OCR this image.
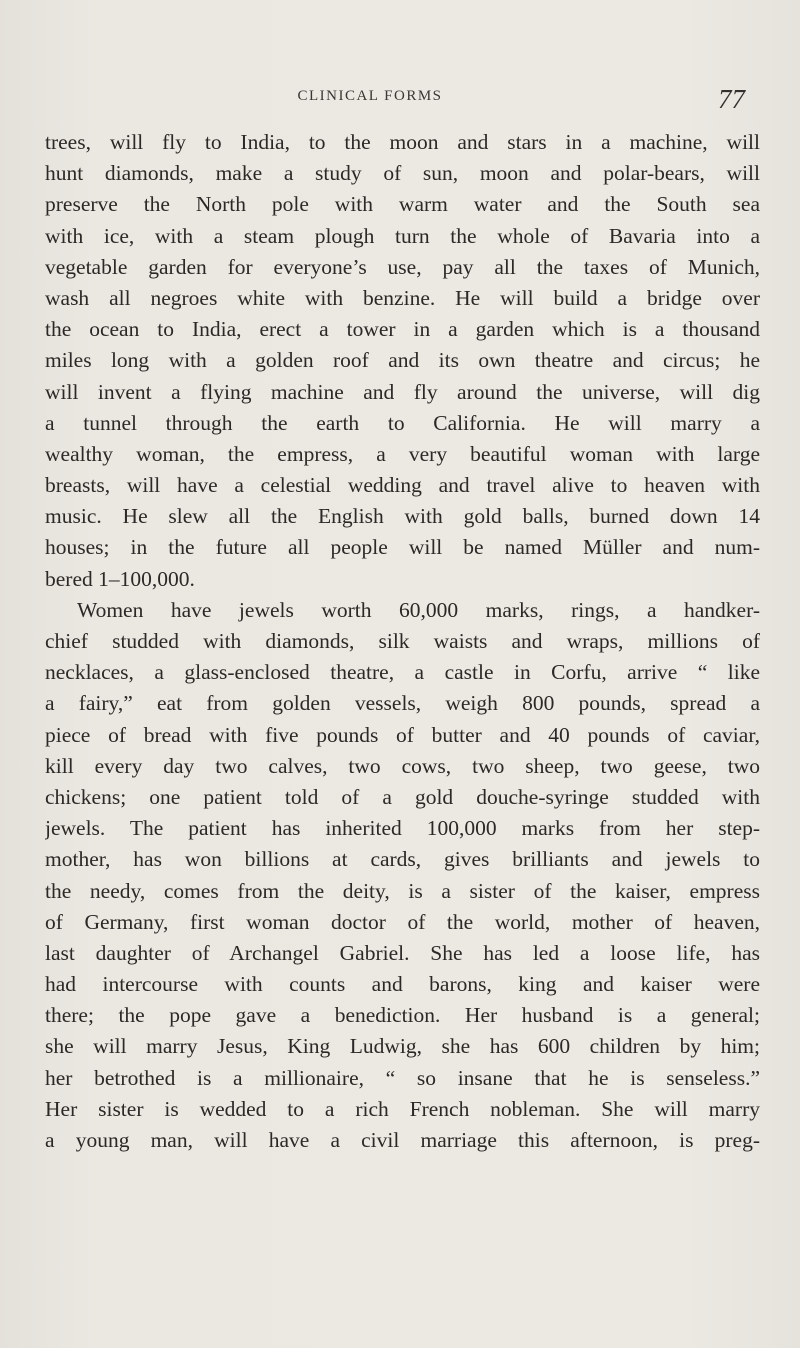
CLINICAL FORMS	77
trees, will fly to India, to the moon and stars in a machine, will
hunt diamonds, make a study of sun, moon and polar-bears, will
preserve the North pole with warm water and the South sea
with ice, with a steam plough turn the whole of Bavaria into a
vegetable garden for everyone’s use, pay all the taxes of Munich,
wash all negroes white with benzine. He will build a bridge over
the ocean to India, erect a tower in a garden which is a thousand
miles long with a golden roof and its own theatre and circus; he
will invent a flying machine and fly around the universe, will dig
a tunnel through the earth to California. He will marry a
wealthy woman, the empress, a very beautiful woman with large
breasts, will have a celestial wedding and travel alive to heaven with
music. He slew all the English with gold balls, burned down 14
houses; in the future all people will be named Müller and num-
bered 1–100,000.
Women have jewels worth 60,000 marks, rings, a handker-
chief studded with diamonds, silk waists and wraps, millions of
necklaces, a glass-enclosed theatre, a castle in Corfu, arrive “ like
a fairy,” eat from golden vessels, weigh 800 pounds, spread a
piece of bread with five pounds of butter and 40 pounds of caviar,
kill every day two calves, two cows, two sheep, two geese, two
chickens; one patient told of a gold douche-syringe studded with
jewels. The patient has inherited 100,000 marks from her step-
mother, has won billions at cards, gives brilliants and jewels to
the needy, comes from the deity, is a sister of the kaiser, empress
of Germany, first woman doctor of the world, mother of heaven,
last daughter of Archangel Gabriel. She has led a loose life, has
had intercourse with counts and barons, king and kaiser were
there; the pope gave a benediction. Her husband is a general;
she will marry Jesus, King Ludwig, she has 600 children by him;
her betrothed is a millionaire, “ so insane that he is senseless.”
Her sister is wedded to a rich French nobleman. She will marry
a young man, will have a civil marriage this afternoon, is preg-
